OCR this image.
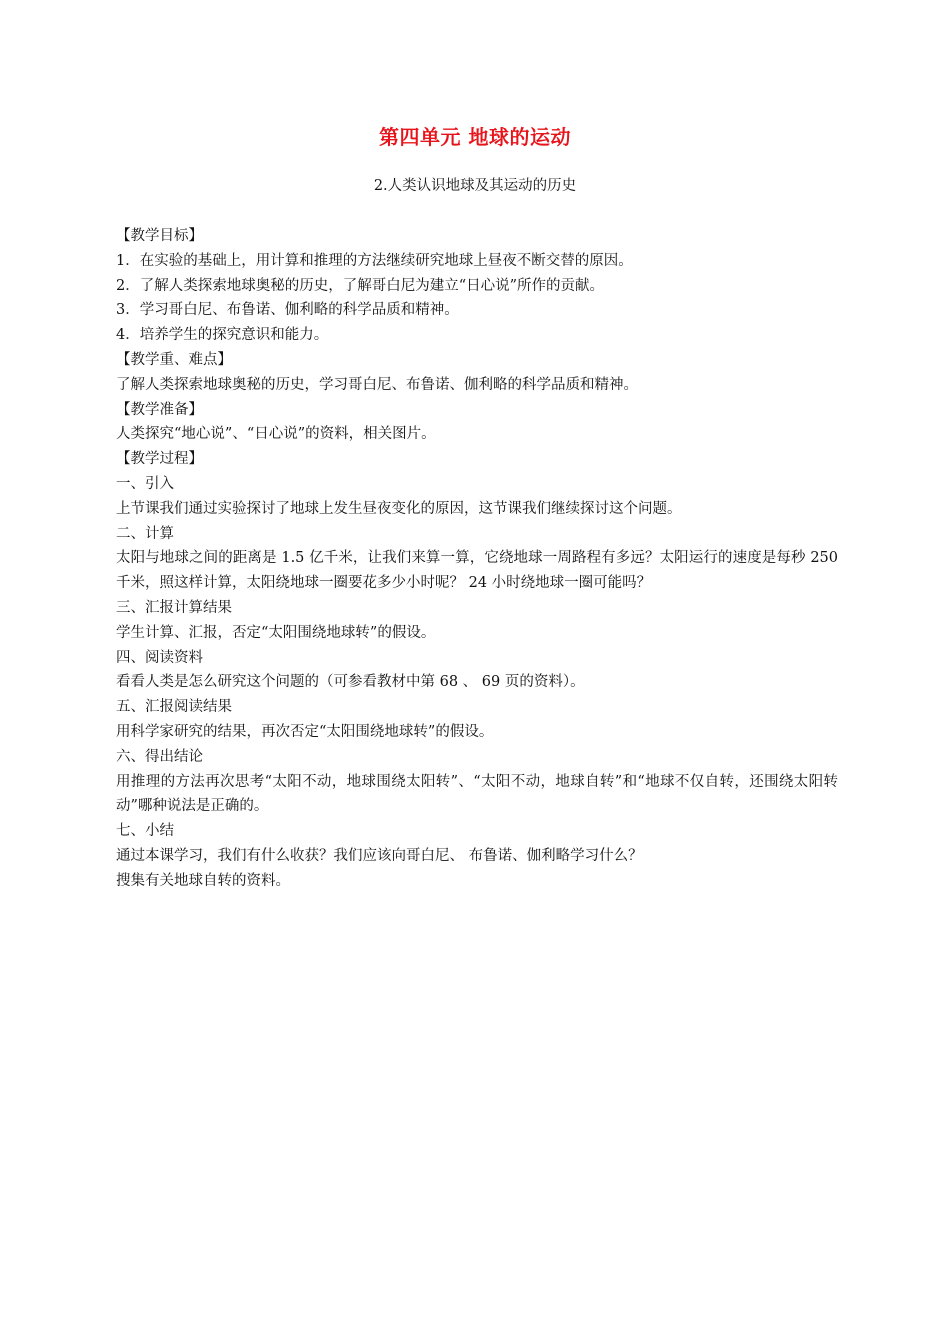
第四单元 地球的运动
2.人类认识地球及其运动的历史

【教学目标】

1．在实验的基础上，用计算和推理的方法继续研究地球上昼夜不断交替的原因。

2．了解人类探索地球奥秘的历史，了解哥白尼为建立“日心说”所作的贡献。

3．学习哥白尼、布鲁诺、伽利略的科学品质和精神。

4．培养学生的探究意识和能力。

【教学重、难点】

了解人类探索地球奥秘的历史，学习哥白尼、布鲁诺、伽利略的科学品质和精神。

【教学准备】

人类探究“地心说”、“日心说”的资料，相关图片。

【教学过程】

一、引入

上节课我们通过实验探讨了地球上发生昼夜变化的原因，这节课我们继续探讨这个问题。

二、计算

太阳与地球之间的距离是 1.5 亿千米，让我们来算一算，它绕地球一周路程有多远？太阳运行的速度是每秒 250 千米，照这样计算，太阳绕地球一圈要花多少小时呢？ 24 小时绕地球一圈可能吗？

三、汇报计算结果

学生计算、汇报，否定“太阳围绕地球转”的假设。

四、阅读资料

看看人类是怎么研究这个问题的（可参看教材中第 68 、 69 页的资料）。

五、汇报阅读结果

用科学家研究的结果，再次否定“太阳围绕地球转”的假设。

六、得出结论

用推理的方法再次思考“太阳不动，地球围绕太阳转”、“太阳不动，地球自转”和“地球不仅自转，还围绕太阳转动”哪种说法是正确的。

七、小结

通过本课学习，我们有什么收获？我们应该向哥白尼、 布鲁诺、伽利略学习什么？

搜集有关地球自转的资料。
